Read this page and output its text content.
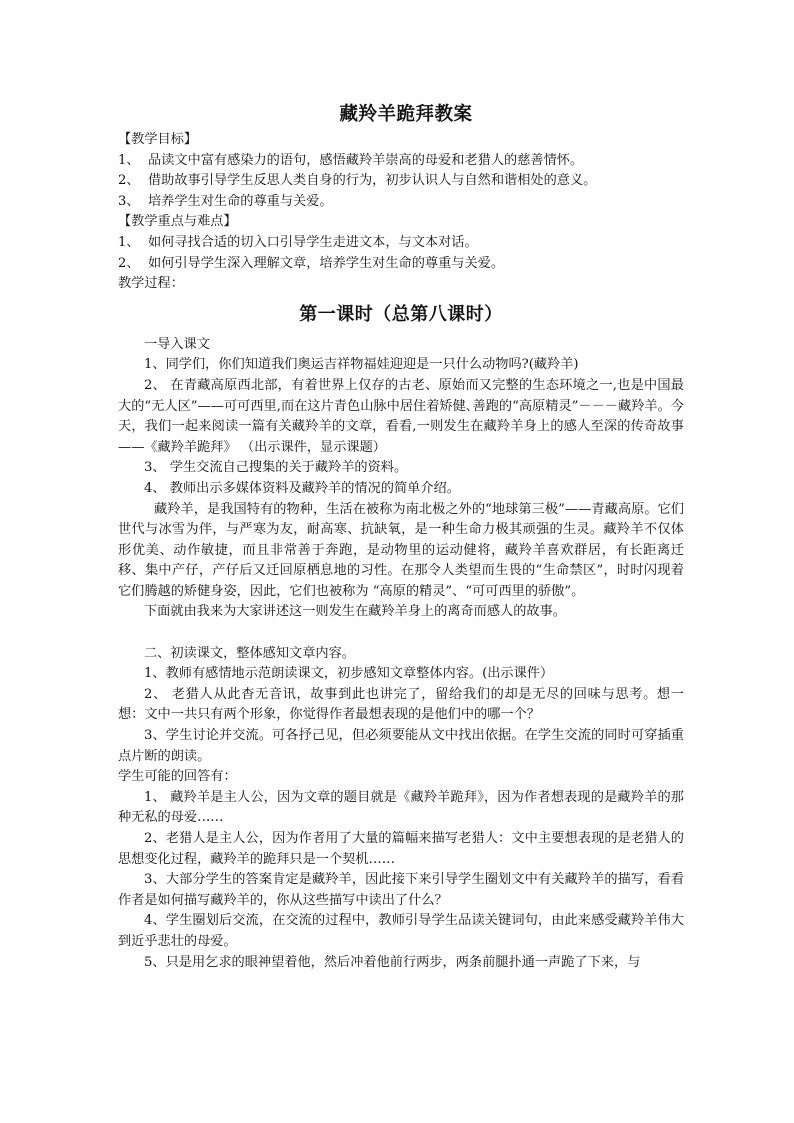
藏羚羊跪拜教案
【教学目标】
1、 品读文中富有感染力的语句，感悟藏羚羊崇高的母爱和老猎人的慈善情怀。
2、 借助故事引导学生反思人类自身的行为，初步认识人与自然和谐相处的意义。
3、 培养学生对生命的尊重与关爱。
【教学重点与难点】
1、 如何寻找合适的切入口引导学生走进文本，与文本对话。
2、 如何引导学生深入理解文章，培养学生对生命的尊重与关爱。
教学过程：
第一课时（总第八课时）
一导入课文

1、同学们，你们知道我们奥运吉祥物福娃迎迎是一只什么动物吗?(藏羚羊)

2、 在青藏高原西北部，有着世界上仅存的古老、原始而又完整的生态环境之一,也是中国最大的“无人区”——可可西里,而在这片青色山脉中居住着矫健､善跑的“高原精灵”－－－藏羚羊。今天，我们一起来阅读一篇有关藏羚羊的文章，看看,一则发生在藏羚羊身上的感人至深的传奇故事——《藏羚羊跪拜》 （出示课件，显示课题）

3、 学生交流自己搜集的关于藏羚羊的资料。

4、 教师出示多媒体资料及藏羚羊的情况的简单介绍。

藏羚羊，是我国特有的物种，生活在被称为南北极之外的“地球第三极”——青藏高原。它们世代与冰雪为伴，与严寒为友，耐高寒、抗缺氧，是一种生命力极其顽强的生灵。藏羚羊不仅体形优美、动作敏捷，而且非常善于奔跑，是动物里的运动健将，藏羚羊喜欢群居，有长距离迁移、集中产仔，产仔后又迁回原栖息地的习性。在那令人类望而生畏的“生命禁区”，时时闪现着它们腾越的矫健身姿，因此，它们也被称为 “高原的精灵”、“可可西里的骄傲”。

下面就由我来为大家讲述这一则发生在藏羚羊身上的离奇而感人的故事。

二、初读课文，整体感知文章内容。

1、教师有感情地示范朗读课文，初步感知文章整体内容。(出示课件）

2、 老猎人从此杳无音讯，故事到此也讲完了，留给我们的却是无尽的回味与思考。想一想：文中一共只有两个形象，你觉得作者最想表现的是他们中的哪一个？

3、学生讨论并交流。可各抒己见，但必须要能从文中找出依据。在学生交流的同时可穿插重点片断的朗读。

学生可能的回答有：

1、 藏羚羊是主人公，因为文章的题目就是《藏羚羊跪拜》，因为作者想表现的是藏羚羊的那种无私的母爱……

2、老猎人是主人公，因为作者用了大量的篇幅来描写老猎人：文中主要想表现的是老猎人的思想变化过程，藏羚羊的跪拜只是一个契机……

3、大部分学生的答案肯定是藏羚羊，因此接下来引导学生圈划文中有关藏羚羊的描写，看看作者是如何描写藏羚羊的，你从这些描写中读出了什么？

4、学生圈划后交流，在交流的过程中，教师引导学生品读关键词句，由此来感受藏羚羊伟大到近乎悲壮的母爱。

5、只是用乞求的眼神望着他，然后冲着他前行两步，两条前腿扑通一声跪了下来，与
